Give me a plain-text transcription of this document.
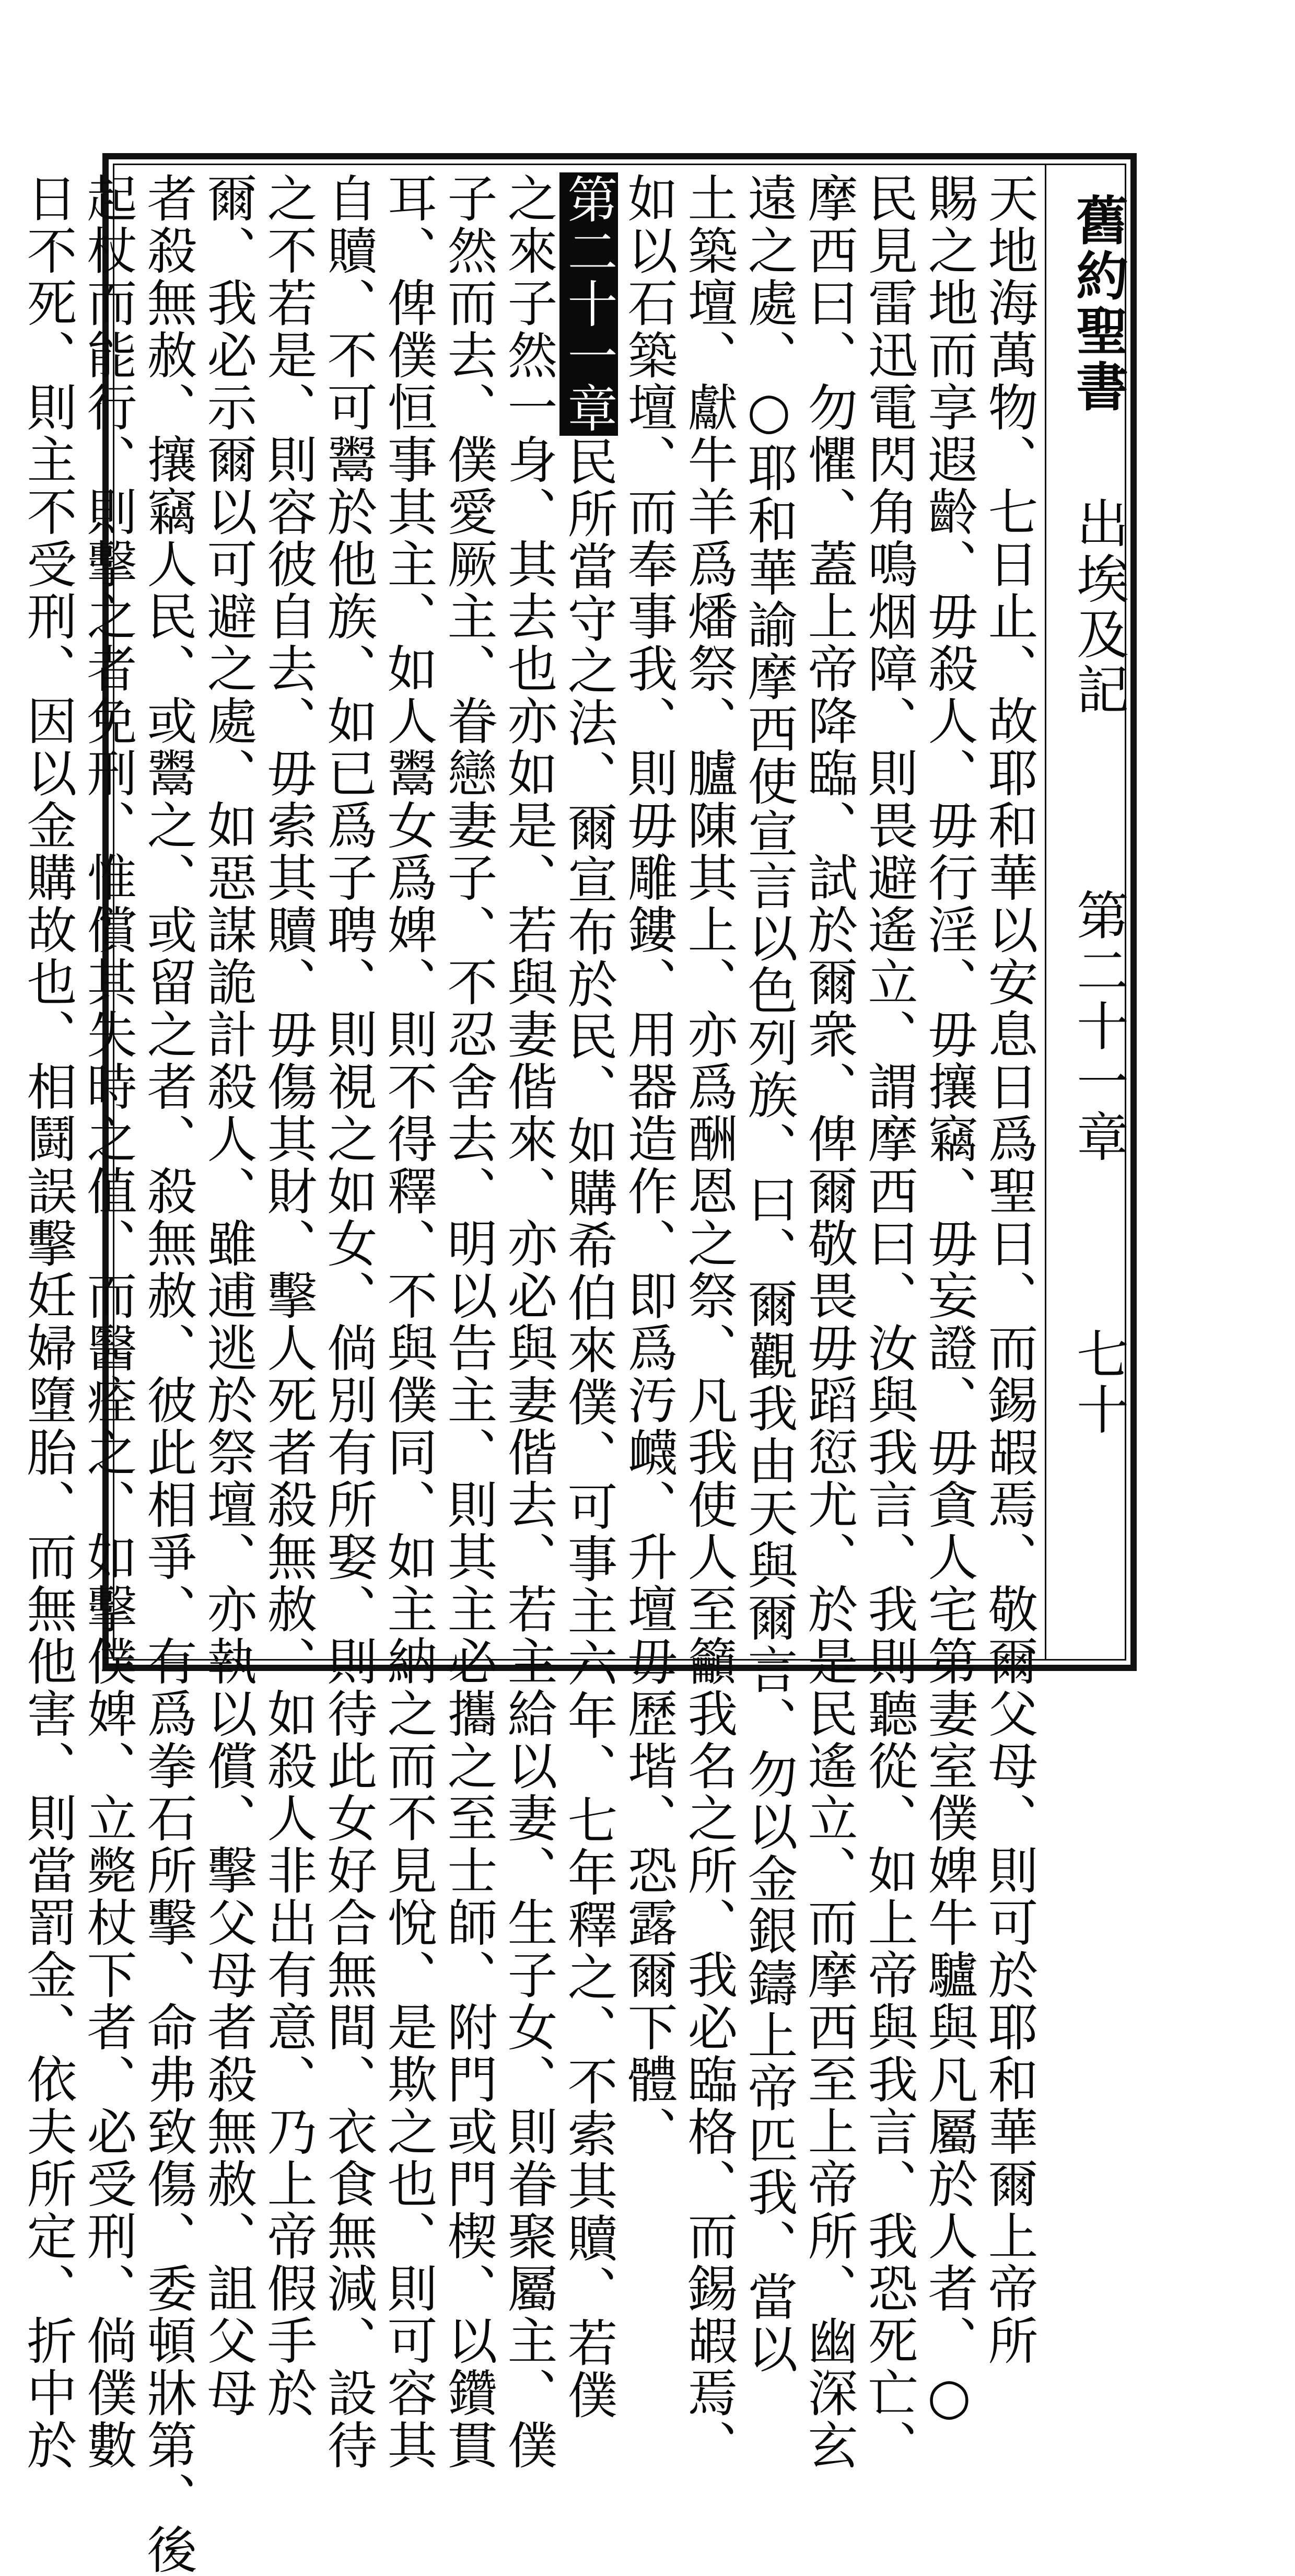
舊約聖書
出埃及記
第二十一章
七十
天地海萬物、七日止、故耶和華以安息日爲聖日、而錫嘏焉、敬爾父母、則可於耶和華爾上帝所
賜之地而享遐齡、毋殺人、毋行淫、毋攘竊、毋妄證、毋貪人宅第妻室僕婢牛驢與凡屬於人者、○
民見雷迅電閃角鳴烟障、則畏避遙立、謂摩西曰、汝與我言、我則聽從、如上帝與我言、我恐死亡、
摩西曰、勿懼、蓋上帝降臨、試於爾衆、俾爾敬畏毋蹈愆尤、於是民遙立、而摩西至上帝所、幽深玄
遠之處、○耶和華諭摩西使宣言以色列族、曰、爾觀我由天與爾言、勿以金銀鑄上帝匹我、當以
土築壇、獻牛羊爲燔祭、臚陳其上、亦爲酬恩之祭、凡我使人至籲我名之所、我必臨格、而錫嘏焉、
如以石築壇、而奉事我、則毋雕鏤、用器造作、即爲汚衊、升壇毋歷堦、恐露爾下體、
第二十一章民所當守之法、爾宣布於民、如購希伯來僕、可事主六年、七年釋之、不索其贖、若僕
之來子然一身、其去也亦如是、若與妻偕來、亦必與妻偕去、若主給以妻、生子女、則眷聚屬主、僕
子然而去、僕愛厥主、眷戀妻子、不忍舍去、明以告主、則其主必攜之至士師、附門或門楔、以鑽貫
耳、俾僕恒事其主、如人鬻女爲婢、則不得釋、不與僕同、如主納之而不見悅、是欺之也、則可容其
自贖、不可鬻於他族、如已爲子聘、則視之如女、倘別有所娶、則待此女好合無間、衣食無減、設待
之不若是、則容彼自去、毋索其贖、毋傷其財、擊人死者殺無赦、如殺人非出有意、乃上帝假手於
爾、我必示爾以可避之處、如惡謀詭計殺人、雖逋逃於祭壇、亦執以償、擊父母者殺無赦、詛父母
者殺無赦、攘竊人民、或鬻之、或留之者、殺無赦、彼此相爭、有爲拳石所擊、命弗致傷、委頓牀第、後
起杖而能行、則擊之者免刑、惟償其失時之值、而醫痊之、如擊僕婢、立斃杖下者、必受刑、倘僕數
日不死、則主不受刑、因以金購故也、相鬪誤擊妊婦墮胎、而無他害、則當罰金、依夫所定、折中於
